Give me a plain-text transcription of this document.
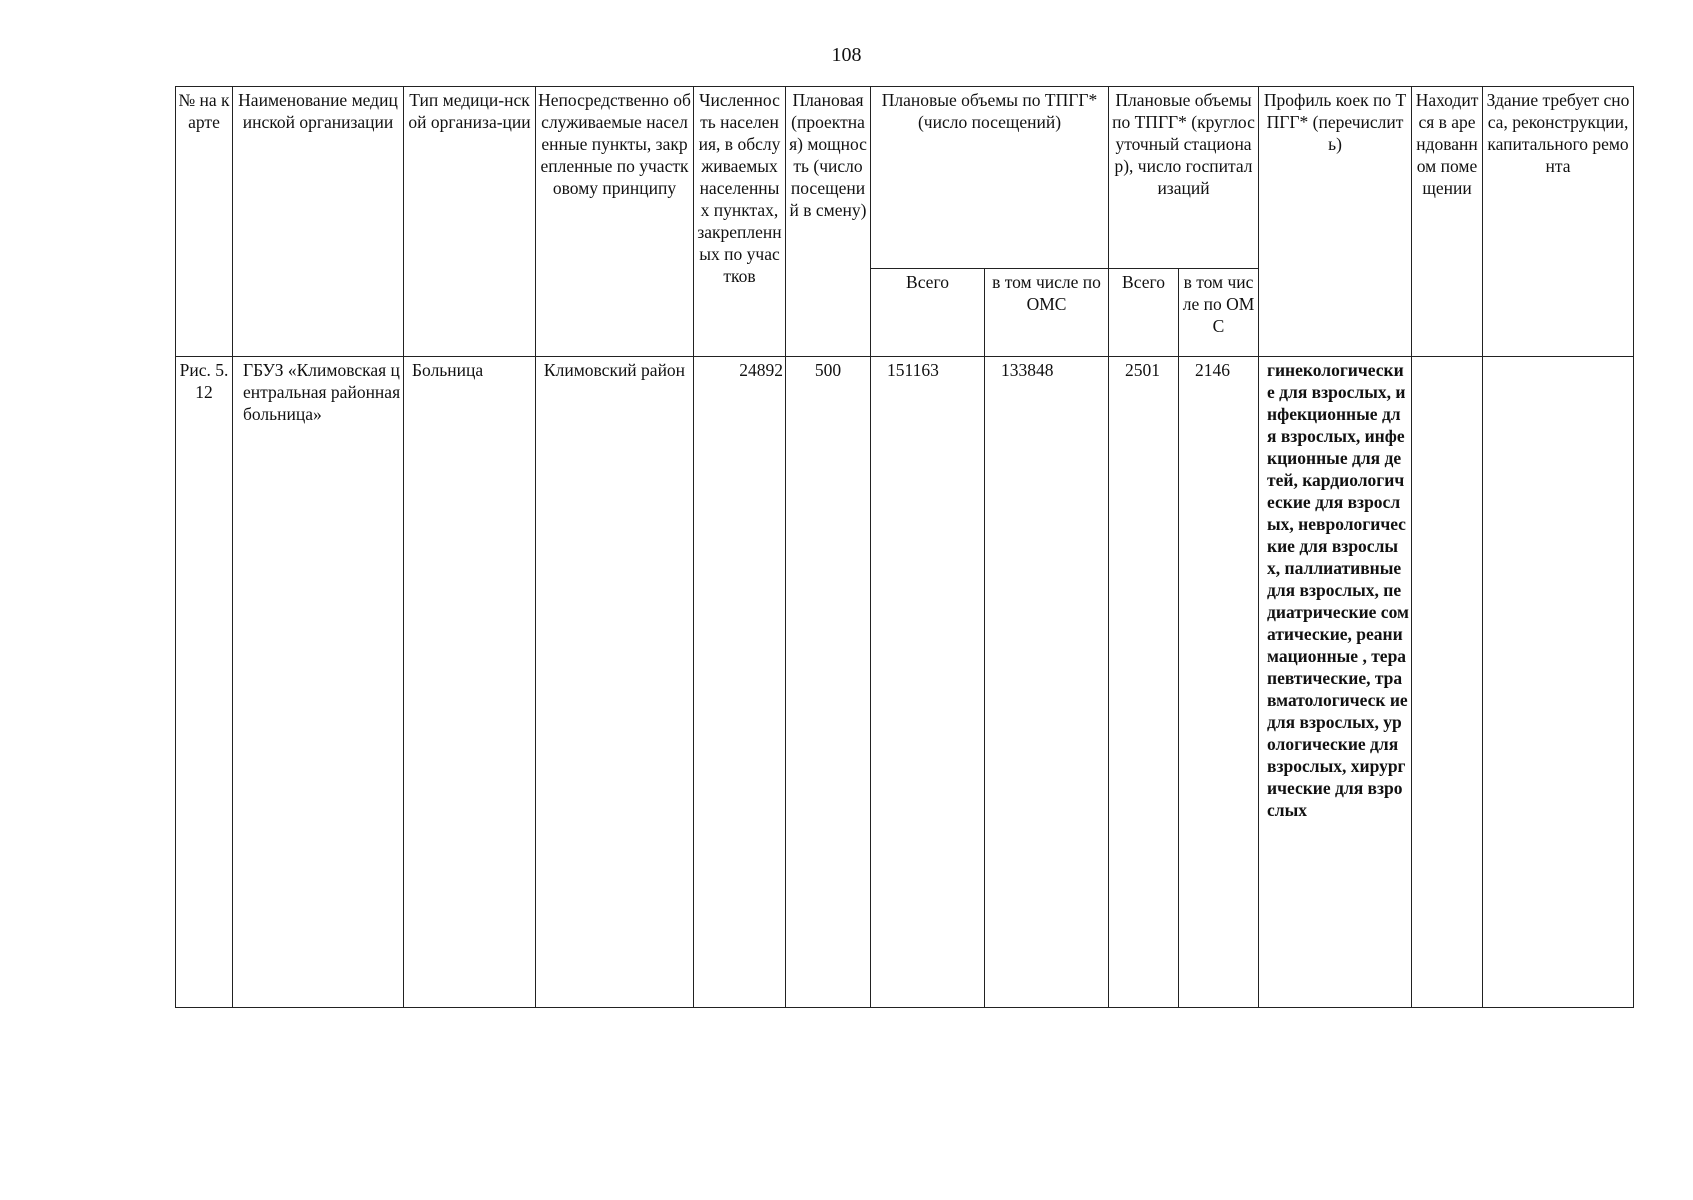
108
№ на карте	Наименование медицинской организации	Тип медици-нской организа-ции	Непосредственно обслуживаемые населенные пункты, закрепленные по участковому принципу	Численность населения, в обслуживаемых населенных пунктах, закрепленных по участков	Плановая (проектная) мощность (число посещений в смену)	Плановые объемы по ТПГГ* (число посещений)		Плановые объемы по ТПГГ* (круглосуточный стационар), число госпитализаций		Профиль коек по ТПГГ* (перечислить)	Находится в арендованном помещении	Здание требует сноса, реконструкции, капитального ремонта
						Всего	в том числе по ОМС	Всего	в том числе по ОМС			
Рис. 5.12	ГБУЗ «Климовская центральная районная больница»	Больница	Климовский район	24892	500	151163	133848	2501	2146	гинекологические для взрослых, инфекционные для взрослых, инфекционные для детей, кардиологические для взрослых, неврологические для взрослых, паллиативные для взрослых, педиатрические соматические, реанимационные , терапевтические, травматологическ ие для взрослых, урологические для взрослых, хирургические для взрослых		
